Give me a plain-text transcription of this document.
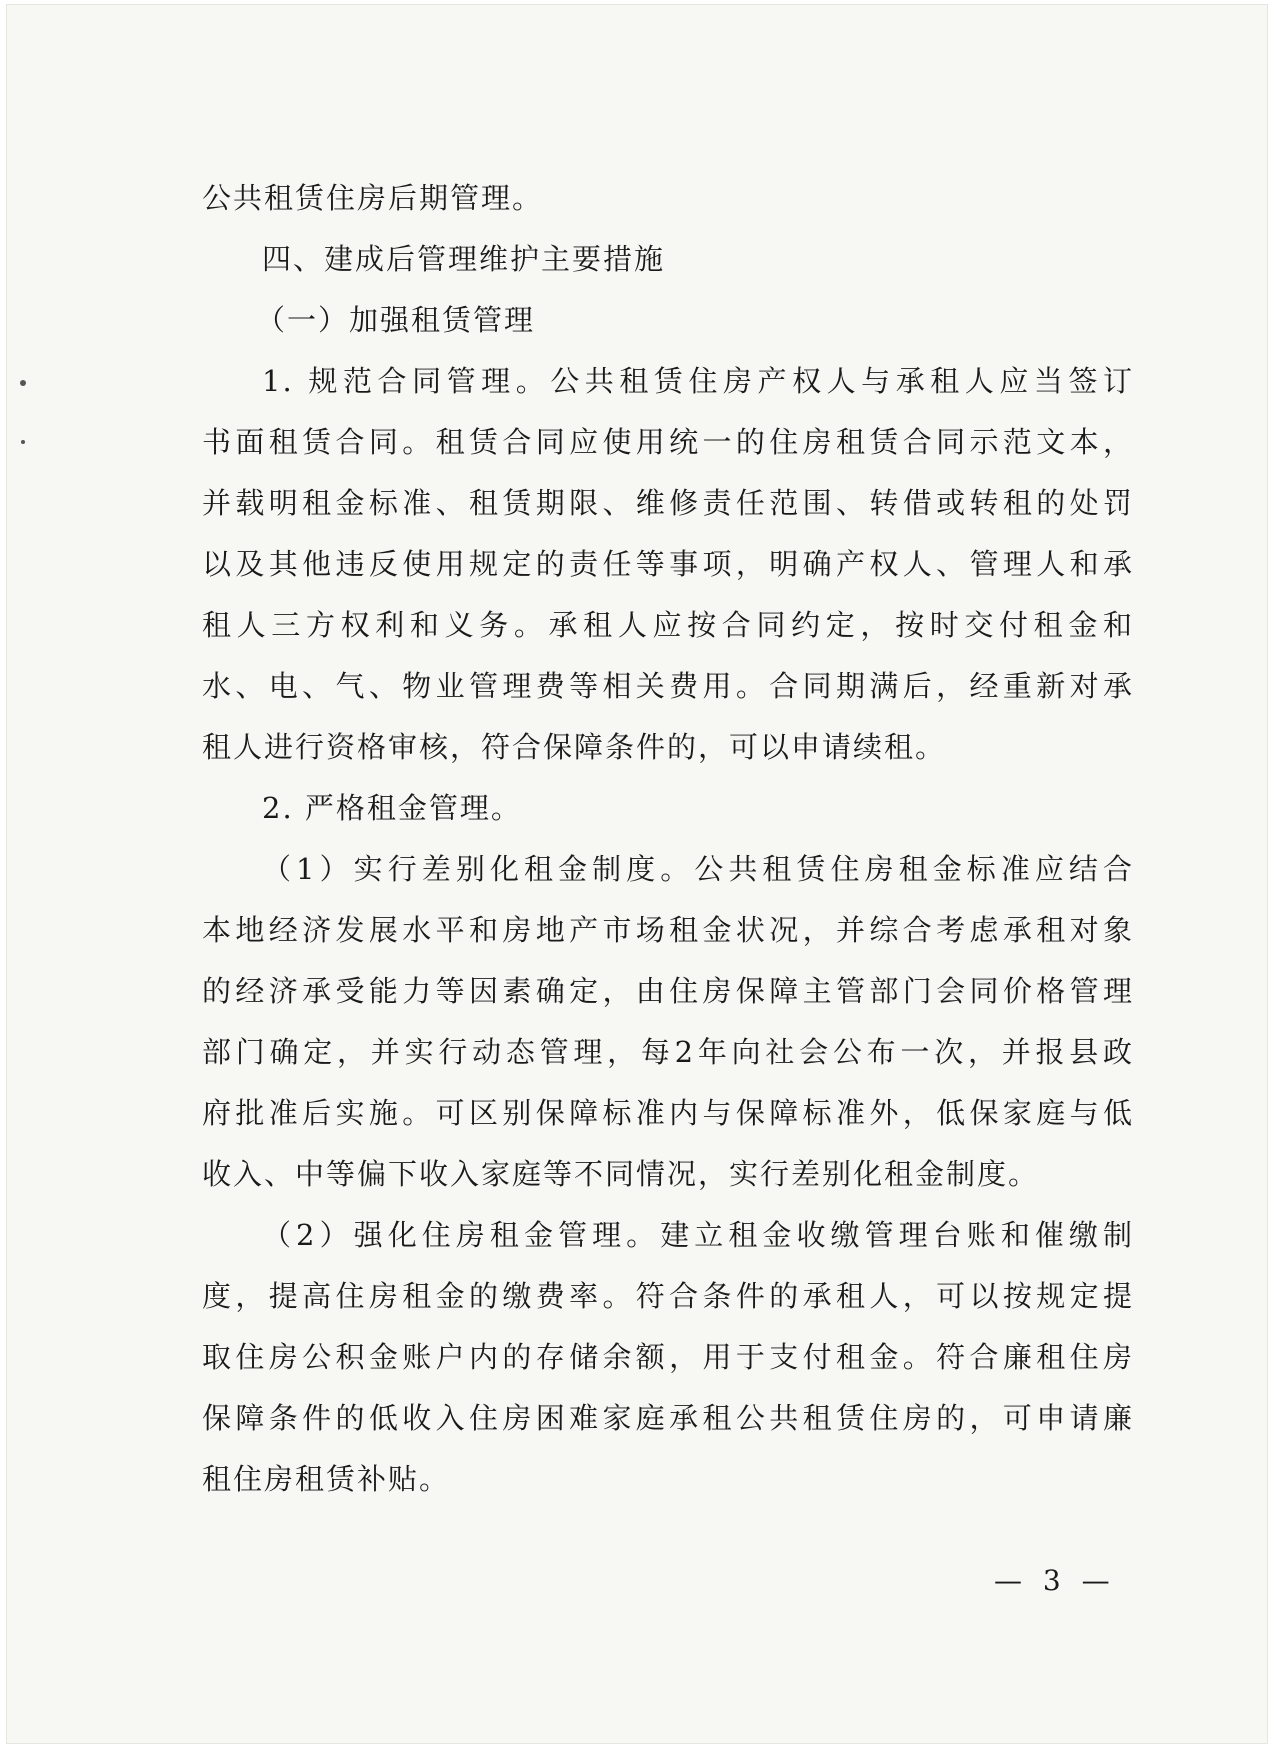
公共租赁住房后期管理。
四、建成后管理维护主要措施
（一）加强租赁管理
1. 规范合同管理。公共租赁住房产权人与承租人应当签订
书面租赁合同。租赁合同应使用统一的住房租赁合同示范文本，
并载明租金标准、租赁期限、维修责任范围、转借或转租的处罚
以及其他违反使用规定的责任等事项，明确产权人、管理人和承
租人三方权利和义务。承租人应按合同约定，按时交付租金和
水、电、气、物业管理费等相关费用。合同期满后，经重新对承
租人进行资格审核，符合保障条件的，可以申请续租。
2. 严格租金管理。
（1）实行差别化租金制度。公共租赁住房租金标准应结合
本地经济发展水平和房地产市场租金状况，并综合考虑承租对象
的经济承受能力等因素确定，由住房保障主管部门会同价格管理
部门确定，并实行动态管理，每2年向社会公布一次，并报县政
府批准后实施。可区别保障标准内与保障标准外，低保家庭与低
收入、中等偏下收入家庭等不同情况，实行差别化租金制度。
（2）强化住房租金管理。建立租金收缴管理台账和催缴制
度，提高住房租金的缴费率。符合条件的承租人，可以按规定提
取住房公积金账户内的存储余额，用于支付租金。符合廉租住房
保障条件的低收入住房困难家庭承租公共租赁住房的，可申请廉
租住房租赁补贴。
— 3 —
